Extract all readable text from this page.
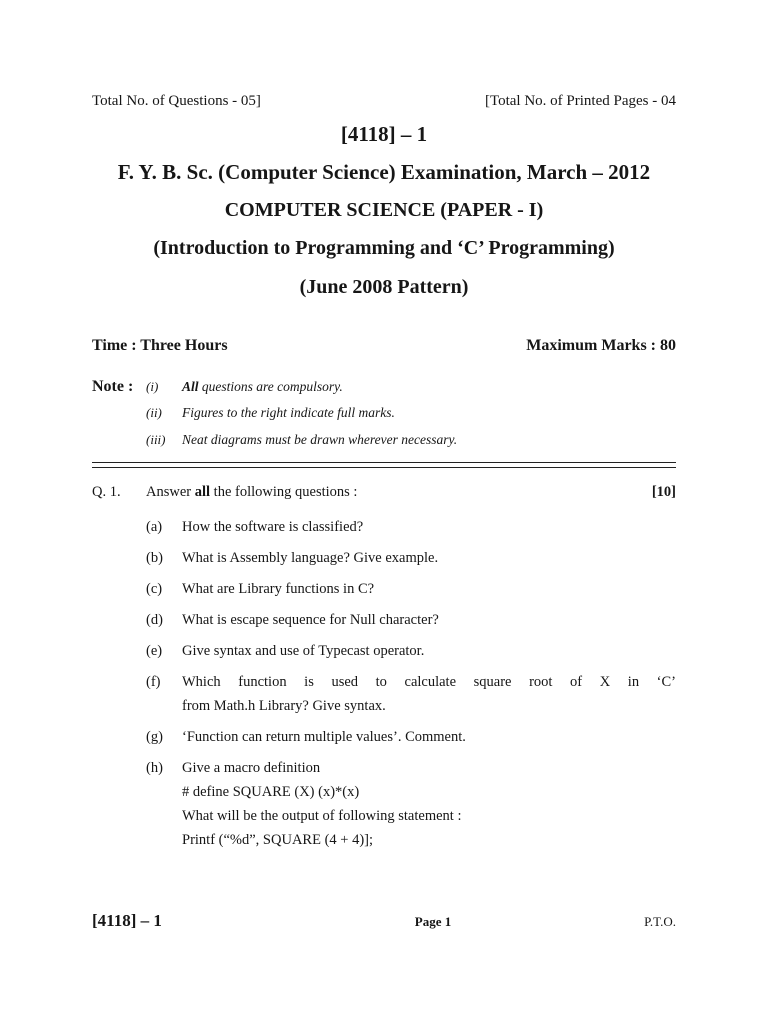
Total No. of Questions - 05]	[Total No. of Printed Pages - 04
[4118] – 1
F. Y. B. Sc. (Computer Science) Examination, March – 2012
COMPUTER SCIENCE (PAPER - I)
(Introduction to Programming and ‘C’ Programming)
(June 2008 Pattern)
Time : Three Hours	Maximum Marks : 80
Note : (i)	All questions are compulsory.
(ii)	Figures to the right indicate full marks.
(iii)	Neat diagrams must be drawn wherever necessary.
Q. 1.	Answer all the following questions :	[10]
(a)	How the software is classified?
(b)	What is Assembly language? Give example.
(c)	What are Library functions in C?
(d)	What is escape sequence for Null character?
(e)	Give syntax and use of Typecast operator.
(f)	Which function is used to calculate square root of X in ‘C’
from Math.h Library? Give syntax.
(g)	‘Function can return multiple values’. Comment.
(h)	Give a macro definition
# define SQUARE (X) (x)*(x)
What will be the output of following statement :
Printf (“%d”, SQUARE (4 + 4)];
[4118] – 1	Page 1	P.T.O.
